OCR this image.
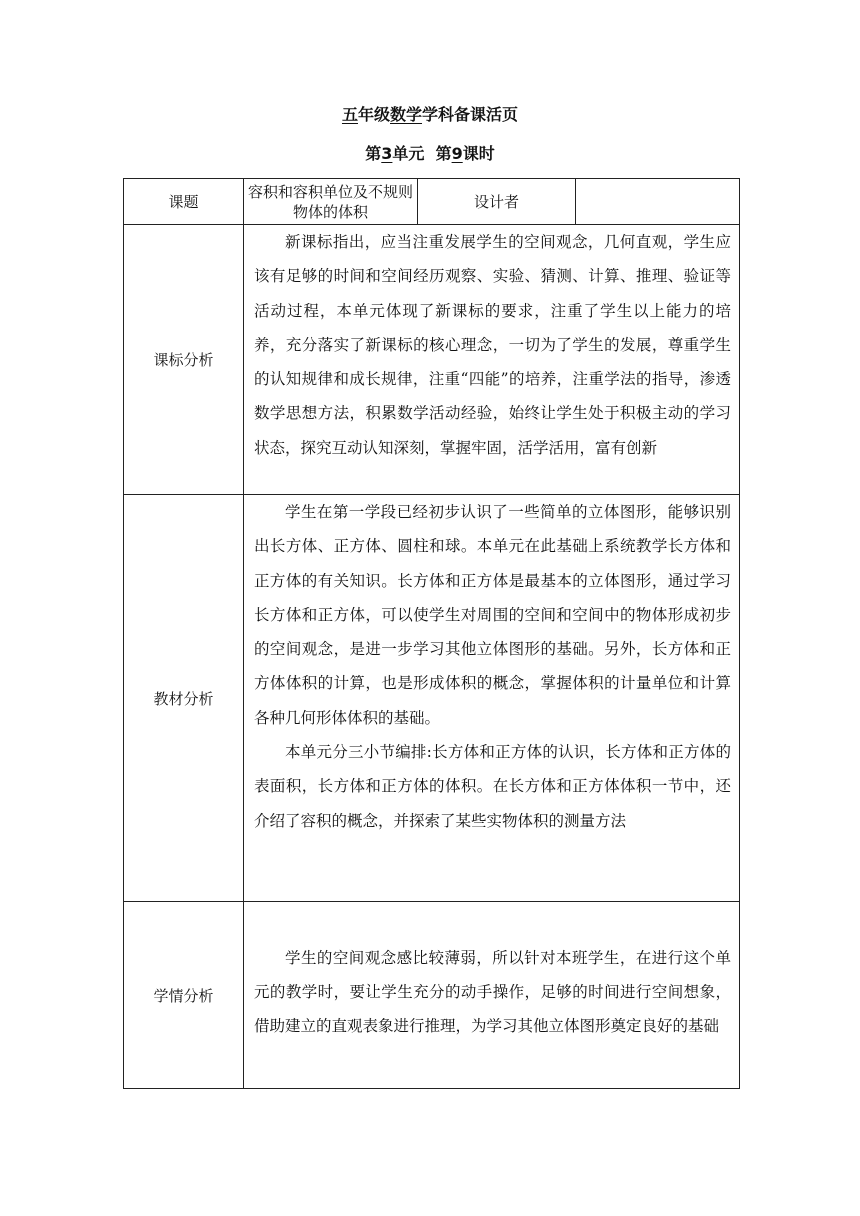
五年级数学学科备课活页
第3单元  第9课时
课题	容积和容积单位及不规则物体的体积	设计者	
课标分析	新课标指出，应当注重发展学生的空间观念，几何直观，学生应该有足够的时间和空间经历观察、实验、猜测、计算、推理、验证等活动过程，本单元体现了新课标的要求，注重了学生以上能力的培养，充分落实了新课标的核心理念，一切为了学生的发展，尊重学生的认知规律和成长规律，注重“四能”的培养，注重学法的指导，渗透数学思想方法，积累数学活动经验，始终让学生处于积极主动的学习状态，探究互动认知深刻，掌握牢固，活学活用，富有创新		

教材分析	学生在第一学段已经初步认识了一些简单的立体图形，能够识别出长方体、正方体、圆柱和球。本单元在此基础上系统教学长方体和正方体的有关知识。长方体和正方体是最基本的立体图形，通过学习长方体和正方体，可以使学生对周围的空间和空间中的物体形成初步的空间观念，是进一步学习其他立体图形的基础。另外，长方体和正方体体积的计算，也是形成体积的概念，掌握体积的计量单位和计算各种几何形体体积的基础。

本单元分三小节编排:长方体和正方体的认识，长方体和正方体的表面积，长方体和正方体的体积。在长方体和正方体体积一节中，还介绍了容积的概念，并探索了某些实物体积的测量方法		

学情分析	学生的空间观念感比较薄弱，所以针对本班学生，在进行这个单元的教学时，要让学生充分的动手操作，足够的时间进行空间想象，借助建立的直观表象进行推理，为学习其他立体图形奠定良好的基础		
